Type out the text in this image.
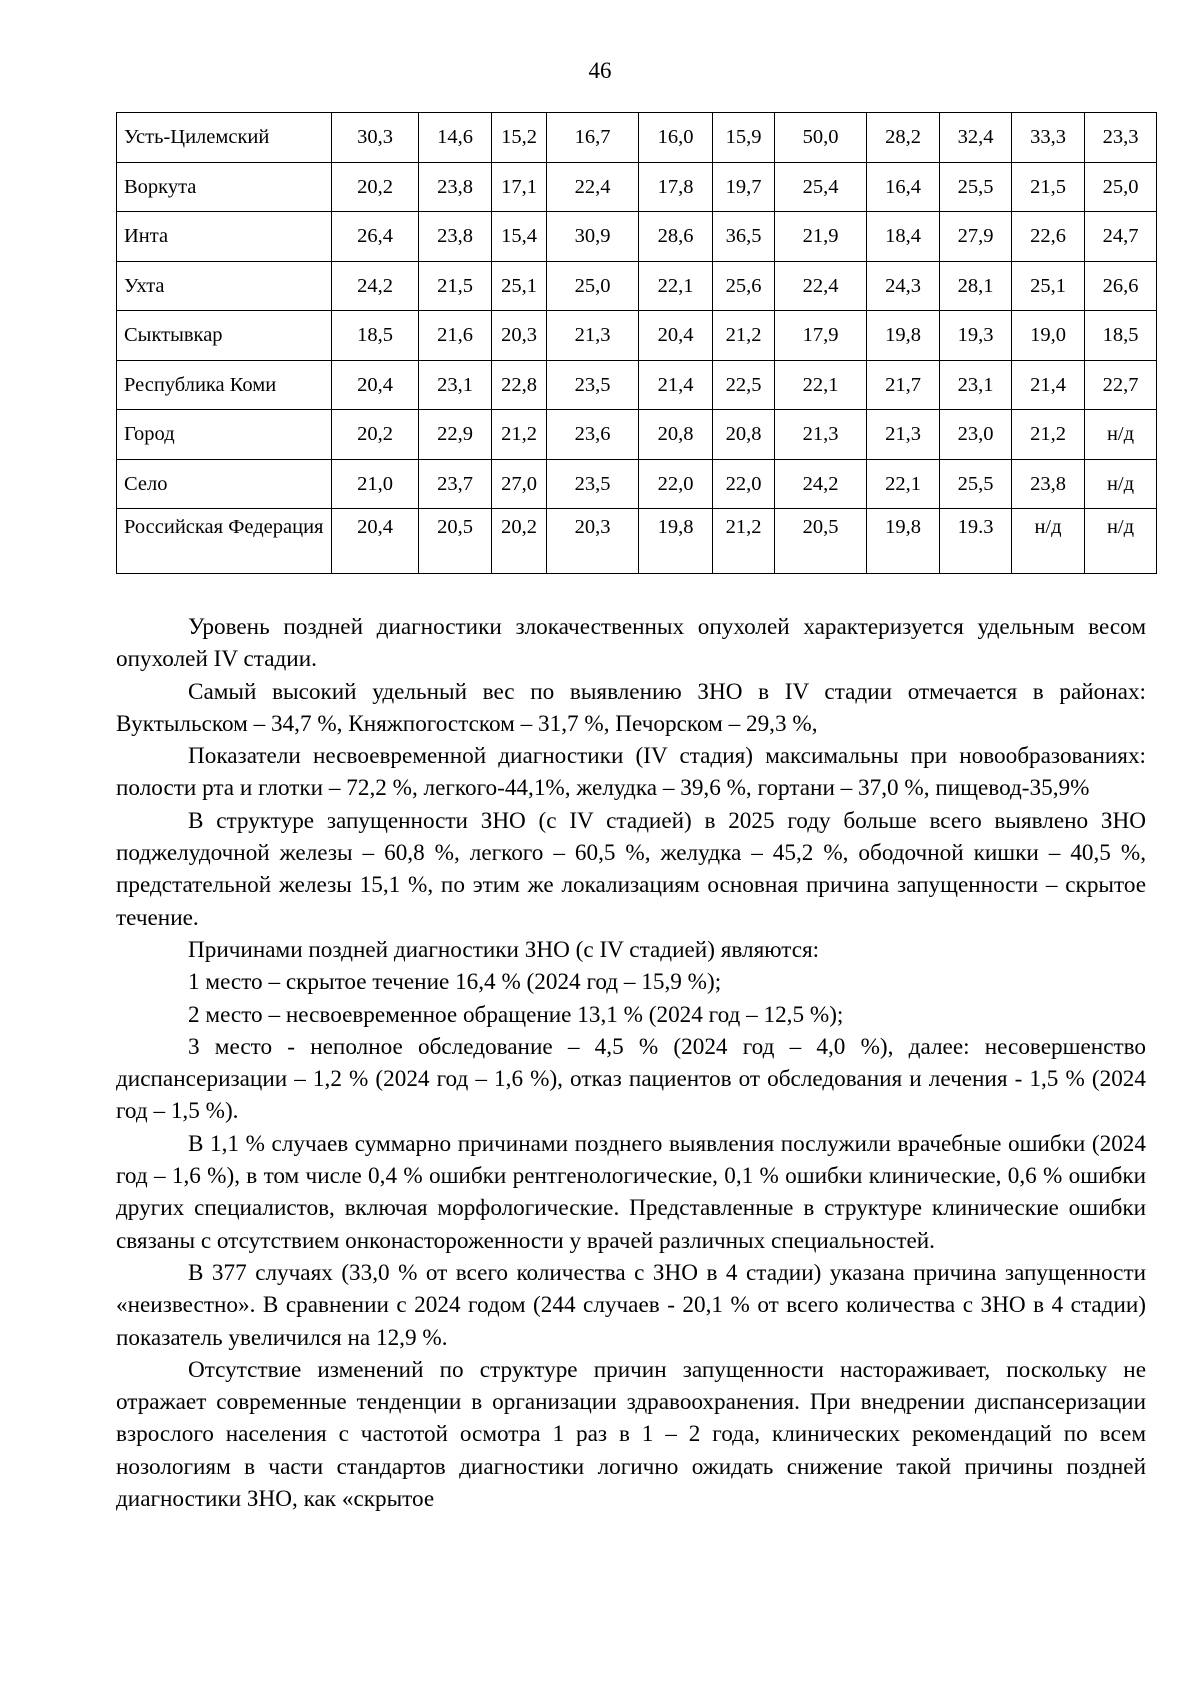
46
Усть-Цилемский	30,3	14,6	15,2	16,7	16,0	15,9	50,0	28,2	32,4	33,3	23,3
Воркута	20,2	23,8	17,1	22,4	17,8	19,7	25,4	16,4	25,5	21,5	25,0
Инта	26,4	23,8	15,4	30,9	28,6	36,5	21,9	18,4	27,9	22,6	24,7
Ухта	24,2	21,5	25,1	25,0	22,1	25,6	22,4	24,3	28,1	25,1	26,6
Сыктывкар	18,5	21,6	20,3	21,3	20,4	21,2	17,9	19,8	19,3	19,0	18,5
Республика Коми	20,4	23,1	22,8	23,5	21,4	22,5	22,1	21,7	23,1	21,4	22,7
Город	20,2	22,9	21,2	23,6	20,8	20,8	21,3	21,3	23,0	21,2	н/д
Село	21,0	23,7	27,0	23,5	22,0	22,0	24,2	22,1	25,5	23,8	н/д
Российская Федерация	20,4	20,5	20,2	20,3	19,8	21,2	20,5	19,8	19.3	н/д	н/д

Уровень поздней диагностики злокачественных опухолей характеризуется удельным весом опухолей IV стадии.

Самый высокий удельный вес по выявлению ЗНО в IV стадии отмечается в районах: Вуктыльском – 34,7 %, Княжпогостском – 31,7 %, Печорском – 29,3 %,

Показатели несвоевременной диагностики (IV стадия) максимальны при новообразованиях: полости рта и глотки – 72,2 %, легкого-44,1%, желудка – 39,6 %, гортани – 37,0 %, пищевод-35,9%

В структуре запущенности ЗНО (с IV стадией) в 2025 году больше всего выявлено ЗНО поджелудочной железы – 60,8 %, легкого – 60,5 %, желудка – 45,2 %, ободочной кишки – 40,5 %, предстательной железы 15,1 %, по этим же локализациям основная причина запущенности – скрытое течение.

Причинами поздней диагностики ЗНО (с IV стадией) являются:

1 место – скрытое течение 16,4 % (2024 год – 15,9 %);

2 место – несвоевременное обращение 13,1 % (2024 год – 12,5 %);

3 место - неполное обследование – 4,5 % (2024 год – 4,0 %), далее: несовершенство диспансеризации – 1,2 % (2024 год – 1,6 %), отказ пациентов от обследования и лечения - 1,5 % (2024 год – 1,5 %).

В 1,1 % случаев суммарно причинами позднего выявления послужили врачебные ошибки (2024 год – 1,6 %), в том числе 0,4 % ошибки рентгенологические, 0,1 % ошибки клинические, 0,6 % ошибки других специалистов, включая морфологические. Представленные в структуре клинические ошибки связаны с отсутствием онконастороженности у врачей различных специальностей.

В 377 случаях (33,0 % от всего количества с ЗНО в 4 стадии) указана причина запущенности «неизвестно». В сравнении с 2024 годом (244 случаев - 20,1 % от всего количества с ЗНО в 4 стадии) показатель увеличился на 12,9 %.

Отсутствие изменений по структуре причин запущенности настораживает, поскольку не отражает современные тенденции в организации здравоохранения. При внедрении диспансеризации взрослого населения с частотой осмотра 1 раз в 1 – 2 года, клинических рекомендаций по всем нозологиям в части стандартов диагностики логично ожидать снижение такой причины поздней диагностики ЗНО, как «скрытое
